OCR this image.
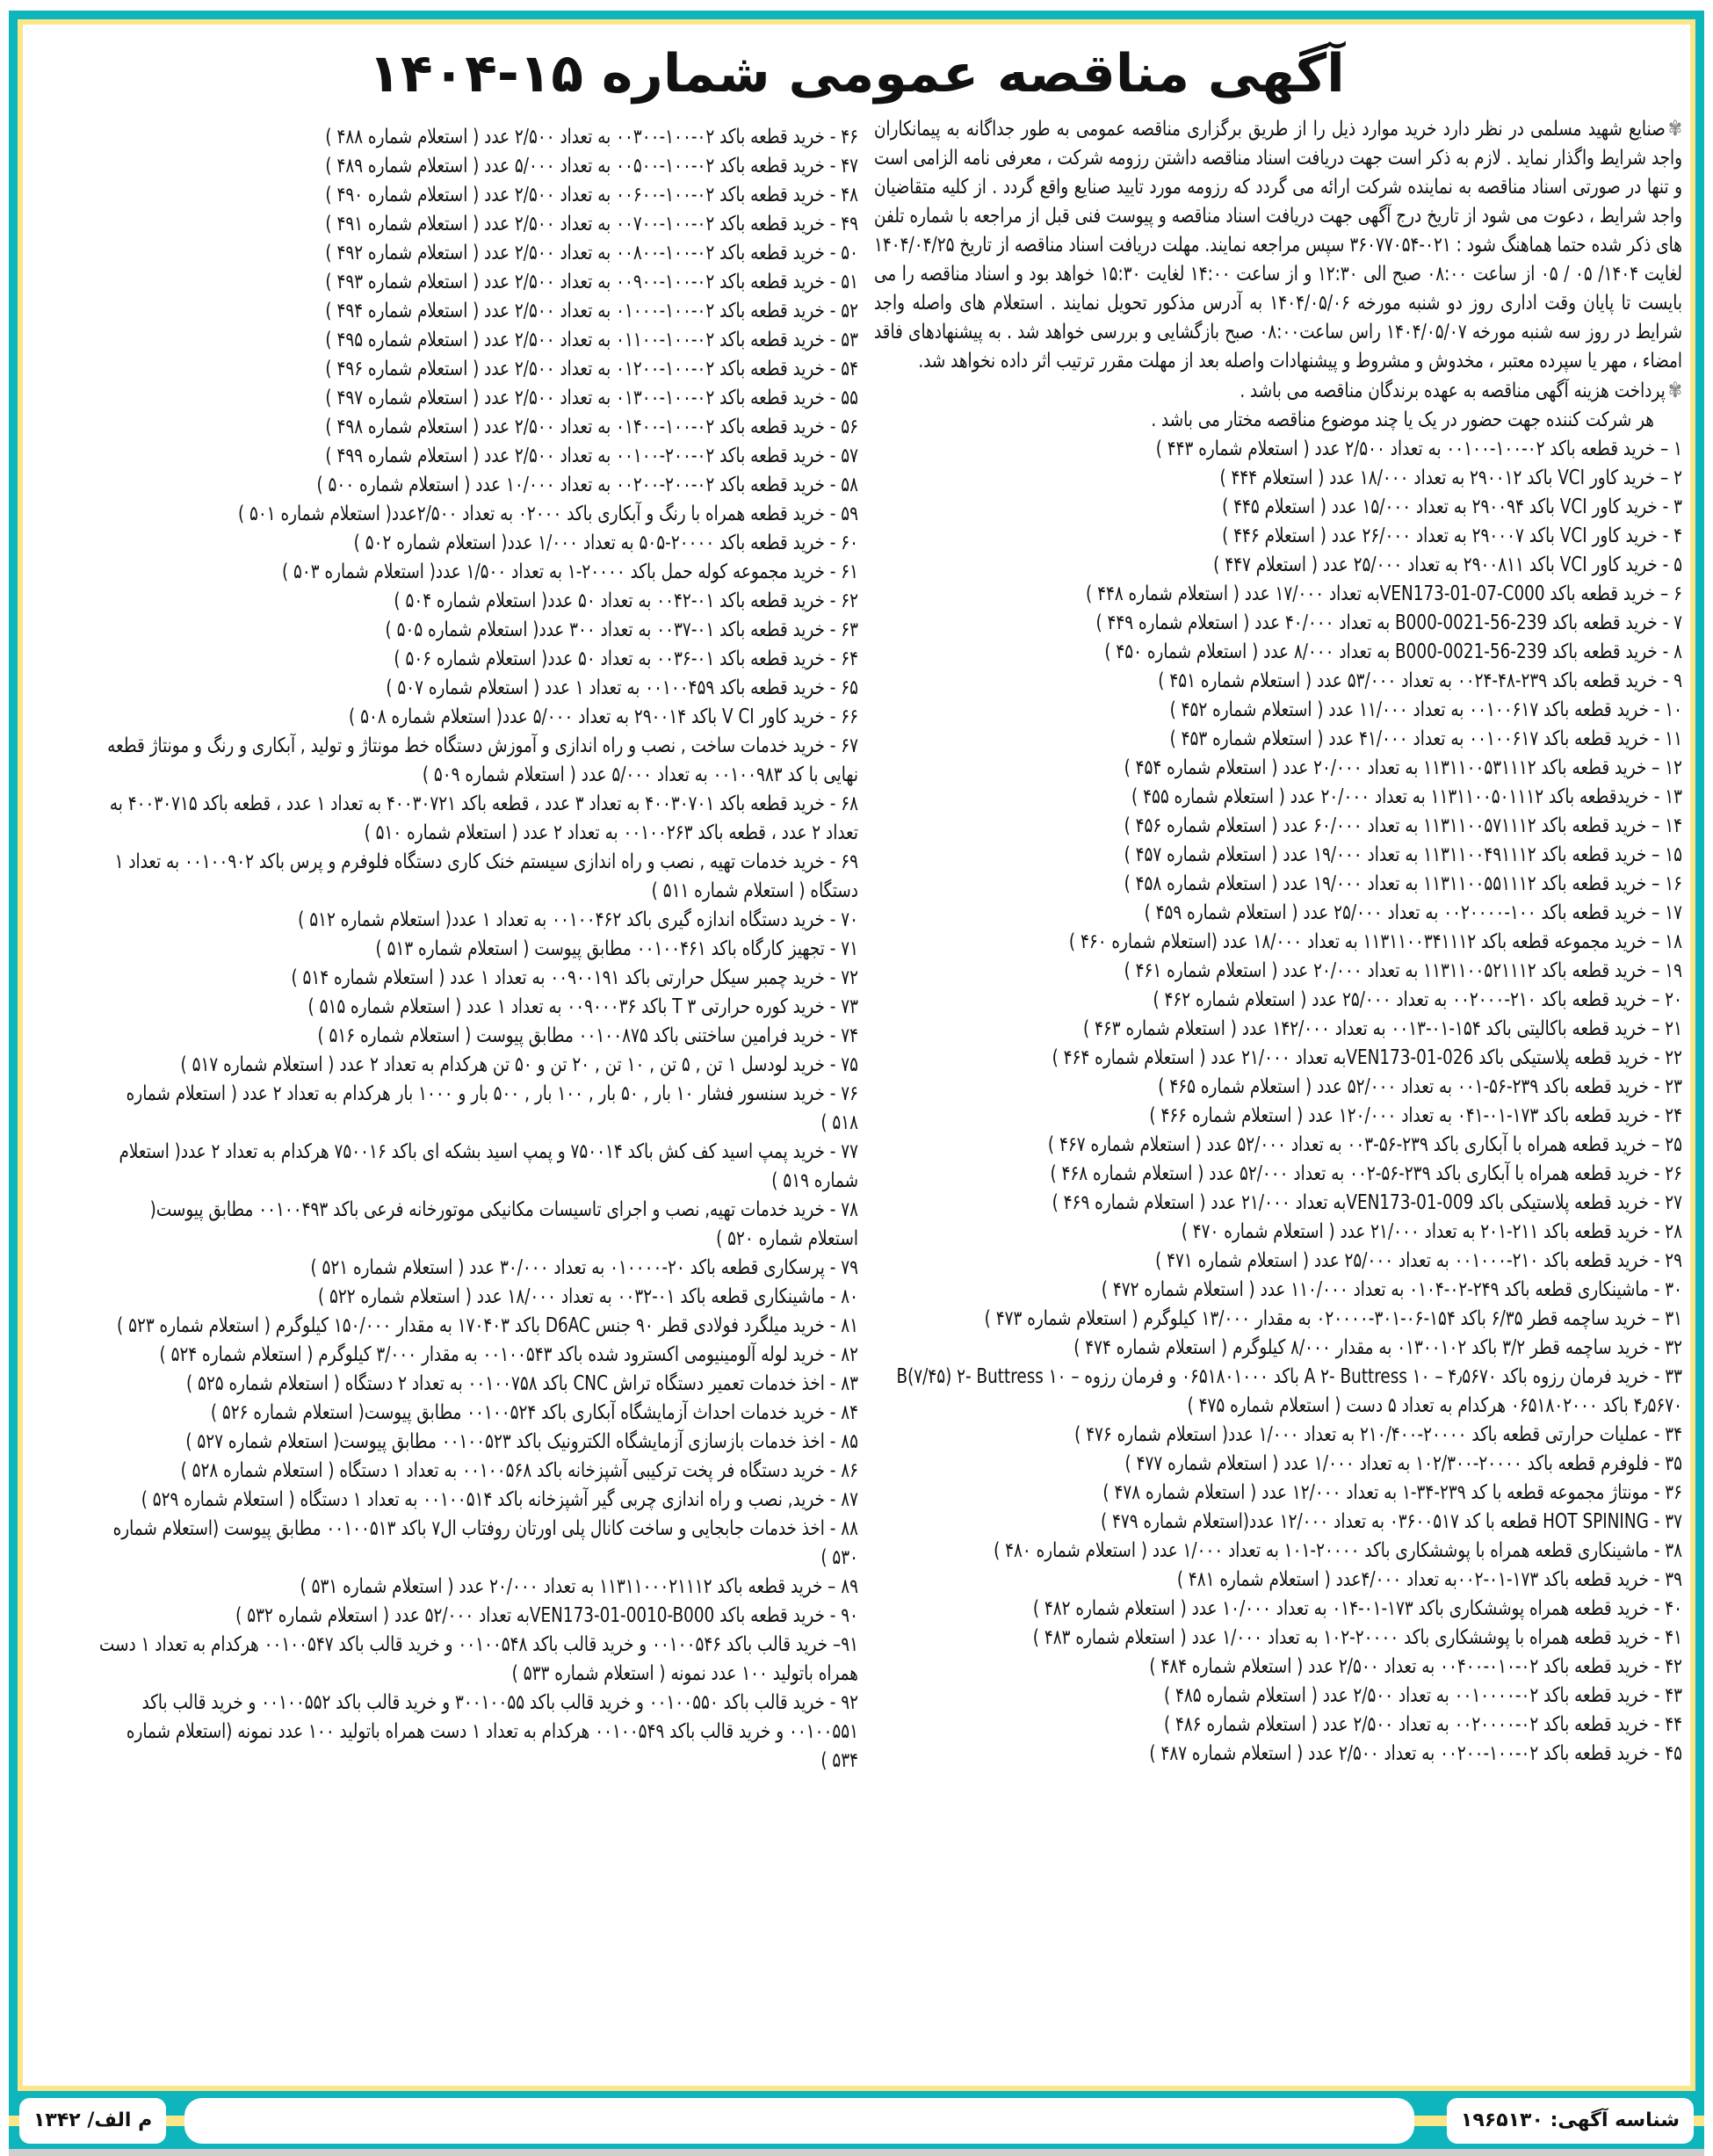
آگهی مناقصه عمومی شماره ۱۵-۱۴۰۴

✾صنایع شهید مسلمی در نظر دارد خرید موارد ذیل را از طریق برگزاری مناقصه عمومی به طور جداگانه به پیمانکاران واجد شرایط واگذار نماید . لازم به ذکر است جهت دریافت اسناد مناقصه داشتن رزومه شرکت ، معرفی نامه الزامی است و تنها در صورتی اسناد مناقصه به نماینده شرکت ارائه می گردد که رزومه مورد تایید صنایع واقع گردد . از کلیه متقاضیان واجد شرایط ، دعوت می شود از تاریخ درج آگهی جهت دریافت اسناد مناقصه و پیوست فنی قبل از مراجعه با شماره تلفن های ذکر شده حتما هماهنگ شود : ۰۲۱-۳۶۰۷۷۰۵۴ سپس مراجعه نمایند. مهلت دریافت اسناد مناقصه از تاریخ ۱۴۰۴/۰۴/۲۵ لغایت ۱۴۰۴/ ۰۵ / ۰۵ از ساعت ۰۸:۰۰ صبح الی ۱۲:۳۰ و از ساعت ۱۴:۰۰ لغایت ۱۵:۳۰ خواهد بود و اسناد مناقصه را می بایست تا پایان وقت اداری روز دو شنبه مورخه ۱۴۰۴/۰۵/۰۶ به آدرس مذکور تحویل نمایند . استعلام های واصله واجد شرایط در روز سه شنبه مورخه ۱۴۰۴/۰۵/۰۷ راس ساعت۰۸:۰۰ صبح بازگشایی و بررسی خواهد شد . به پیشنهادهای فاقد امضاء ، مهر یا سپرده معتبر ، مخدوش و مشروط و پیشنهادات واصله بعد از مهلت مقرر ترتیب اثر داده نخواهد شد.

✾پرداخت هزینه آگهی مناقصه به عهده برندگان مناقصه می باشد .

هر شرکت کننده جهت حضور در یک یا چند موضوع مناقصه مختار می باشد .

۱ – خرید قطعه باکد ۰۲-۱۰۰-۰۰۱۰۰ به تعداد ۲/۵۰۰ عدد ( استعلام شماره ۴۴۳ )

۲ – خرید کاور VCI باکد ۲۹۰۰۱۲ به تعداد ۱۸/۰۰۰ عدد ( استعلام ۴۴۴ )

۳ - خرید کاور VCI باکد ۲۹۰۰۹۴ به تعداد ۱۵/۰۰۰ عدد ( استعلام ۴۴۵ )

۴ - خرید کاور VCI باکد ۲۹۰۰۰۷ به تعداد ۲۶/۰۰۰ عدد ( استعلام ۴۴۶ )

۵ - خرید کاور VCI باکد ۲۹۰۰۸۱۱ به تعداد ۲۵/۰۰۰ عدد ( استعلام ۴۴۷ )

۶ – خرید قطعه باکد VEN173-01-07-C000به تعداد ۱۷/۰۰۰ عدد ( استعلام شماره ۴۴۸ )

۷ - خرید قطعه باکد 239-56-0021-B000 به تعداد ۴۰/۰۰۰ عدد ( استعلام شماره ۴۴۹ )

۸ - خرید قطعه باکد 239-56-0021-B000 به تعداد ۸/۰۰۰ عدد ( استعلام شماره ۴۵۰ )

۹ - خرید قطعه باکد ۲۳۹-۴۸-۰۰۲۴ به تعداد ۵۳/۰۰۰ عدد ( استعلام شماره ۴۵۱ )

۱۰ - خرید قطعه باکد ۰۰۱۰۰۶۱۷ به تعداد ۱۱/۰۰۰ عدد ( استعلام شماره ۴۵۲ )

۱۱ - خرید قطعه باکد ۰۰۱۰۰۶۱۷ به تعداد ۴۱/۰۰۰ عدد ( استعلام شماره ۴۵۳ )

۱۲ – خرید قطعه باکد ۱۱۳۱۱۰۰۵۳۱۱۱۲ به تعداد ۲۰/۰۰۰ عدد ( استعلام شماره ۴۵۴ )

۱۳ - خریدقطعه باکد ۱۱۳۱۱۰۰۵۰۱۱۱۲ به تعداد ۲۰/۰۰۰ عدد ( استعلام شماره ۴۵۵ )

۱۴ – خرید قطعه باکد ۱۱۳۱۱۰۰۵۷۱۱۱۲ به تعداد ۶۰/۰۰۰ عدد ( استعلام شماره ۴۵۶ )

۱۵ – خرید قطعه باکد ۱۱۳۱۱۰۰۴۹۱۱۱۲ به تعداد ۱۹/۰۰۰ عدد ( استعلام شماره ۴۵۷ )

۱۶ – خرید قطعه باکد ۱۱۳۱۱۰۰۵۵۱۱۱۲ به تعداد ۱۹/۰۰۰ عدد ( استعلام شماره ۴۵۸ )

۱۷ – خرید قطعه باکد ۱۰۰-۰۰۲۰۰۰۰ به تعداد ۲۵/۰۰۰ عدد ( استعلام شماره ۴۵۹ )

۱۸ – خرید مجموعه قطعه باکد ۱۱۳۱۱۰۰۳۴۱۱۱۲ به تعداد ۱۸/۰۰۰ عدد (استعلام شماره ۴۶۰ )

۱۹ – خرید قطعه باکد ۱۱۳۱۱۰۰۵۲۱۱۱۲ به تعداد ۲۰/۰۰۰ عدد ( استعلام شماره ۴۶۱ )

۲۰ – خرید قطعه باکد ۲۱۰-۰۰۲۰۰۰ به تعداد ۲۵/۰۰۰ عدد ( استعلام شماره ۴۶۲ )

۲۱ – خرید قطعه باکالیتی باکد ۱۵۴-۰۱-۰۰۱۳ به تعداد ۱۴۲/۰۰۰ عدد ( استعلام شماره ۴۶۳ )

۲۲ - خرید قطعه پلاستیکی باکد VEN173-01-026به تعداد ۲۱/۰۰۰ عدد ( استعلام شماره ۴۶۴ )

۲۳ - خرید قطعه باکد ۲۳۹-۵۶-۰۰۱ به تعداد ۵۲/۰۰۰ عدد ( استعلام شماره ۴۶۵ )

۲۴ - خرید قطعه باکد ۱۷۳-۰۱-۰۴۱ به تعداد ۱۲۰/۰۰۰ عدد ( استعلام شماره ۴۶۶ )

۲۵ – خرید قطعه همراه با آبکاری باکد ۲۳۹-۵۶-۰۰۳ به تعداد ۵۲/۰۰۰ عدد ( استعلام شماره ۴۶۷ )

۲۶ - خرید قطعه همراه با آبکاری باکد ۲۳۹-۵۶-۰۰۲ به تعداد ۵۲/۰۰۰ عدد ( استعلام شماره ۴۶۸ )

۲۷ - خرید قطعه پلاستیکی باکد VEN173-01-009به تعداد ۲۱/۰۰۰ عدد ( استعلام شماره ۴۶۹ )

۲۸ - خرید قطعه باکد ۲۱۱-۲۰۱ به تعداد ۲۱/۰۰۰ عدد ( استعلام شماره ۴۷۰ )

۲۹ - خرید قطعه باکد ۲۱۰-۰۰۱۰۰۰ به تعداد ۲۵/۰۰۰ عدد ( استعلام شماره ۴۷۱ )

۳۰ - ماشینکاری قطعه باکد ۲۴۹-۰۲-۰۱۰۴ به تعداد ۱۱۰/۰۰۰ عدد ( استعلام شماره ۴۷۲ )

۳۱ – خرید ساچمه قطر ۶/۳۵ باکد ۱۵۴-۰۶-۳۰۱-۰۲۰۰۰۰ به مقدار ۱۳/۰۰۰ کیلوگرم ( استعلام شماره ۴۷۳ )

۳۲ - خرید ساچمه قطر ۳/۲ باکد ۰۱۳۰۰۱۰۲ به مقدار ۸/۰۰۰ کیلوگرم ( استعلام شماره ۴۷۴ )

۳۳ - خرید فرمان رزوه باکد A ۲- Buttress ۱۰ – ۴٫۵۶۷۰ باکد ۰۶۵۱۸۰۱۰۰۰ و فرمان رزوه B(۷/۴۵) ۲- Buttress ۱۰ – ۴٫۵۶۷۰ باکد ۰۶۵۱۸۰۲۰۰۰ هرکدام به تعداد ۵ دست ( استعلام شماره ۴۷۵ )

۳۴ - عملیات حرارتی قطعه باکد ۲۰۰۰۰-۲۱۰/۴۰۰ به تعداد ۱/۰۰۰ عدد( استعلام شماره ۴۷۶ )

۳۵ - فلوفرم قطعه باکد ۲۰۰۰۰-۱۰۲/۳۰۰ به تعداد ۱/۰۰۰ عدد ( استعلام شماره ۴۷۷ )

۳۶ - مونتاژ مجموعه قطعه با کد ۲۳۹-۳۴-۱ به تعداد ۱۲/۰۰۰ عدد ( استعلام شماره ۴۷۸ )

۳۷ - HOT SPINING قطعه با کد ۰۳۶۰۰۵۱۷ به تعداد ۱۲/۰۰۰ عدد(استعلام شماره ۴۷۹ )

۳۸ - ماشینکاری قطعه همراه با پوششکاری باکد ۲۰۰۰۰-۱۰۱ به تعداد ۱/۰۰۰ عدد ( استعلام شماره ۴۸۰ )

۳۹ - خرید قطعه باکد ۱۷۳-۰۱-۰۰۲به تعداد ۴/۰۰۰عدد ( استعلام شماره ۴۸۱ )

۴۰ - خرید قطعه همراه پوششکاری باکد ۱۷۳-۰۱-۰۱۴ به تعداد ۱۰/۰۰۰ عدد ( استعلام شماره ۴۸۲ )

۴۱ - خرید قطعه همراه با پوششکاری باکد ۲۰۰۰۰-۱۰۲ به تعداد ۱/۰۰۰ عدد ( استعلام شماره ۴۸۳ )

۴۲ - خرید قطعه باکد ۰۲-۰۱۰-۰۰۴۰۰ به تعداد ۲/۵۰۰ عدد ( استعلام شماره ۴۸۴ )

۴۳ - خرید قطعه باکد ۰۲-۰۰۱۰۰۰۰ به تعداد ۲/۵۰۰ عدد ( استعلام شماره ۴۸۵ )

۴۴ - خرید قطعه باکد ۰۲-۰۰۲۰۰۰۰ به تعداد ۲/۵۰۰ عدد ( استعلام شماره ۴۸۶ )

۴۵ - خرید قطعه باکد ۰۲-۱۰۰-۰۰۲۰۰ به تعداد ۲/۵۰۰ عدد ( استعلام شماره ۴۸۷ )

۴۶ - خرید قطعه باکد ۰۲-۱۰۰-۰۰۳۰۰ به تعداد ۲/۵۰۰ عدد ( استعلام شماره ۴۸۸ )

۴۷ - خرید قطعه باکد ۰۲-۱۰۰-۰۰۵۰۰ به تعداد ۵/۰۰۰ عدد ( استعلام شماره ۴۸۹ )

۴۸ - خرید قطعه باکد ۰۲-۱۰۰-۰۰۶۰۰ به تعداد ۲/۵۰۰ عدد ( استعلام شماره ۴۹۰ )

۴۹ - خرید قطعه باکد ۰۲-۱۰۰-۰۰۷۰۰ به تعداد ۲/۵۰۰ عدد ( استعلام شماره ۴۹۱ )

۵۰ - خرید قطعه باکد ۰۲-۱۰۰-۰۰۸۰۰ به تعداد ۲/۵۰۰ عدد ( استعلام شماره ۴۹۲ )

۵۱ - خرید قطعه باکد ۰۲-۱۰۰-۰۰۹۰۰ به تعداد ۲/۵۰۰ عدد ( استعلام شماره ۴۹۳ )

۵۲ - خرید قطعه باکد ۰۲-۱۰۰-۰۱۰۰۰ به تعداد ۲/۵۰۰ عدد ( استعلام شماره ۴۹۴ )

۵۳ - خرید قطعه باکد ۰۲-۱۰۰-۰۱۱۰۰ به تعداد ۲/۵۰۰ عدد ( استعلام شماره ۴۹۵ )

۵۴ - خرید قطعه باکد ۰۲-۱۰۰-۰۱۲۰۰ به تعداد ۲/۵۰۰ عدد ( استعلام شماره ۴۹۶ )

۵۵ - خرید قطعه باکد ۰۲-۱۰۰-۰۱۳۰۰ به تعداد ۲/۵۰۰ عدد ( استعلام شماره ۴۹۷ )

۵۶ - خرید قطعه باکد ۰۲-۱۰۰-۰۱۴۰۰ به تعداد ۲/۵۰۰ عدد ( استعلام شماره ۴۹۸ )

۵۷ - خرید قطعه باکد ۰۲-۲۰۰-۰۰۱۰۰ به تعداد ۲/۵۰۰ عدد ( استعلام شماره ۴۹۹ )

۵۸ - خرید قطعه باکد ۰۲-۲۰۰-۰۰۲۰۰ به تعداد ۱۰/۰۰۰ عدد ( استعلام شماره ۵۰۰ )

۵۹ - خرید قطعه همراه با رنگ و آبکاری باکد ۰۲۰۰۰ به تعداد ۲/۵۰۰عدد( استعلام شماره ۵۰۱ )

۶۰ - خرید قطعه باکد ۲۰۰۰۰-۵۰۵ به تعداد ۱/۰۰۰ عدد( استعلام شماره ۵۰۲ )

۶۱ - خرید مجموعه کوله حمل باکد ۲۰۰۰۰-۱ به تعداد ۱/۵۰۰ عدد( استعلام شماره ۵۰۳ )

۶۲ - خرید قطعه باکد ۰۱-۰۰۴۲ به تعداد ۵۰ عدد( استعلام شماره ۵۰۴ )

۶۳ - خرید قطعه باکد ۰۱-۰۰۳۷ به تعداد ۳۰۰ عدد( استعلام شماره ۵۰۵ )

۶۴ - خرید قطعه باکد ۰۱-۰۰۳۶ به تعداد ۵۰ عدد( استعلام شماره ۵۰۶ )

۶۵ - خرید قطعه باکد ۰۰۱۰۰۴۵۹ به تعداد ۱ عدد ( استعلام شماره ۵۰۷ )

۶۶ - خرید کاور V CI باکد ۲۹۰۰۱۴ به تعداد ۵/۰۰۰ عدد( استعلام شماره ۵۰۸ )

۶۷ - خرید خدمات ساخت , نصب و راه اندازی و آموزش دستگاه خط مونتاژ و تولید , آبکاری و رنگ و مونتاژ قطعه نهایی با کد ۰۰۱۰۰۹۸۳ به تعداد ۵/۰۰۰ عدد ( استعلام شماره ۵۰۹ )

۶۸ - خرید قطعه باکد ۴۰۰۳۰۷۰۱ به تعداد ۳ عدد ، قطعه باکد ۴۰۰۳۰۷۲۱ به تعداد ۱ عدد ، قطعه باکد ۴۰۰۳۰۷۱۵ به تعداد ۲ عدد ، قطعه باکد ۰۰۱۰۰۲۶۳ به تعداد ۲ عدد ( استعلام شماره ۵۱۰ )

۶۹ - خرید خدمات تهیه , نصب و راه اندازی سیستم خنک کاری دستگاه فلوفرم و پرس باکد ۰۰۱۰۰۹۰۲ به تعداد ۱ دستگاه ( استعلام شماره ۵۱۱ )

۷۰ - خرید دستگاه اندازه گیری باکد ۰۰۱۰۰۴۶۲ به تعداد ۱ عدد( استعلام شماره ۵۱۲ )

۷۱ - تجهیز کارگاه باکد ۰۰۱۰۰۴۶۱ مطابق پیوست ( استعلام شماره ۵۱۳ )

۷۲ - خرید چمبر سیکل حرارتی باکد ۰۰۹۰۰۱۹۱ به تعداد ۱ عدد ( استعلام شماره ۵۱۴ )

۷۳ - خرید کوره حرارتی T ۳ باکد ۰۰۹۰۰۰۳۶ به تعداد ۱ عدد ( استعلام شماره ۵۱۵ )

۷۴ - خرید فرامین ساختنی باکد ۰۰۱۰۰۸۷۵ مطابق پیوست ( استعلام شماره ۵۱۶ )

۷۵ - خرید لودسل ۱ تن , ۵ تن , ۱۰ تن , ۲۰ تن و ۵۰ تن هرکدام به تعداد ۲ عدد ( استعلام شماره ۵۱۷ )

۷۶ - خرید سنسور فشار ۱۰ بار , ۵۰ بار , ۱۰۰ بار , ۵۰۰ بار و ۱۰۰۰ بار هرکدام به تعداد ۲ عدد ( استعلام شماره ۵۱۸ )

۷۷ - خرید پمپ اسید کف کش باکد ۷۵۰۰۱۴ و پمپ اسید بشکه ای باکد ۷۵۰۰۱۶ هرکدام به تعداد ۲ عدد( استعلام شماره ۵۱۹ )

۷۸ - خرید خدمات تهیه, نصب و اجرای تاسیسات مکانیکی موتورخانه فرعی باکد ۰۰۱۰۰۴۹۳ مطابق پیوست( استعلام شماره ۵۲۰ )

۷۹ - پرسکاری قطعه باکد ۲۰-۰۱۰۰۰۰ به تعداد ۳۰/۰۰۰ عدد ( استعلام شماره ۵۲۱ )

۸۰ - ماشینکاری قطعه باکد ۰۱-۰۰۳۲ به تعداد ۱۸/۰۰۰ عدد ( استعلام شماره ۵۲۲ )

۸۱ - خرید میلگرد فولادی قطر ۹۰ جنس D6AC باکد ۱۷۰۴۰۳ به مقدار ۱۵۰/۰۰۰ کیلوگرم ( استعلام شماره ۵۲۳ )

۸۲ - خرید لوله آلومینیومی اکسترود شده باکد ۰۰۱۰۰۵۴۳ به مقدار ۳/۰۰۰ کیلوگرم ( استعلام شماره ۵۲۴ )

۸۳ - اخذ خدمات تعمیر دستگاه تراش CNC باکد ۰۰۱۰۰۷۵۸ به تعداد ۲ دستگاه ( استعلام شماره ۵۲۵ )

۸۴ - خرید خدمات احداث آزمایشگاه آبکاری باکد ۰۰۱۰۰۵۲۴ مطابق پیوست( استعلام شماره ۵۲۶ )

۸۵ - اخذ خدمات بازسازی آزمایشگاه الکترونیک باکد ۰۰۱۰۰۵۲۳ مطابق پیوست( استعلام شماره ۵۲۷ )

۸۶ - خرید دستگاه فر پخت ترکیبی آشپزخانه باکد ۰۰۱۰۰۵۶۸ به تعداد ۱ دستگاه ( استعلام شماره ۵۲۸ )

۸۷ - خرید, نصب و راه اندازی چربی گیر آشپزخانه باکد ۰۰۱۰۰۵۱۴ به تعداد ۱ دستگاه ( استعلام شماره ۵۲۹ )

۸۸ - اخذ خدمات جابجایی و ساخت کانال پلی اورتان روفتاب ال۷ باکد ۰۰۱۰۰۵۱۳ مطابق پیوست (استعلام شماره ۵۳۰ )

۸۹ – خرید قطعه باکد ۱۱۳۱۱۰۰۰۲۱۱۱۲ به تعداد ۲۰/۰۰۰ عدد ( استعلام شماره ۵۳۱ )

۹۰ - خرید قطعه باکد VEN173-01-0010-B000به تعداد ۵۲/۰۰۰ عدد ( استعلام شماره ۵۳۲ )

۹۱– خرید قالب باکد ۰۰۱۰۰۵۴۶ و خرید قالب باکد ۰۰۱۰۰۵۴۸ و خرید قالب باکد ۰۰۱۰۰۵۴۷ هرکدام به تعداد ۱ دست همراه باتولید ۱۰۰ عدد نمونه ( استعلام شماره ۵۳۳ )

۹۲ - خرید قالب باکد ۰۰۱۰۰۵۵۰ و خرید قالب باکد ۳۰۰۱۰۰۵۵ و خرید قالب باکد ۰۰۱۰۰۵۵۲ و خرید قالب باکد ۰۰۱۰۰۵۵۱ و خرید قالب باکد ۰۰۱۰۰۵۴۹ هرکدام به تعداد ۱ دست همراه باتولید ۱۰۰ عدد نمونه (استعلام شماره ۵۳۴ )

شناسه آگهی: ۱۹۶۵۱۳۰
م الف/ ۱۳۴۲
